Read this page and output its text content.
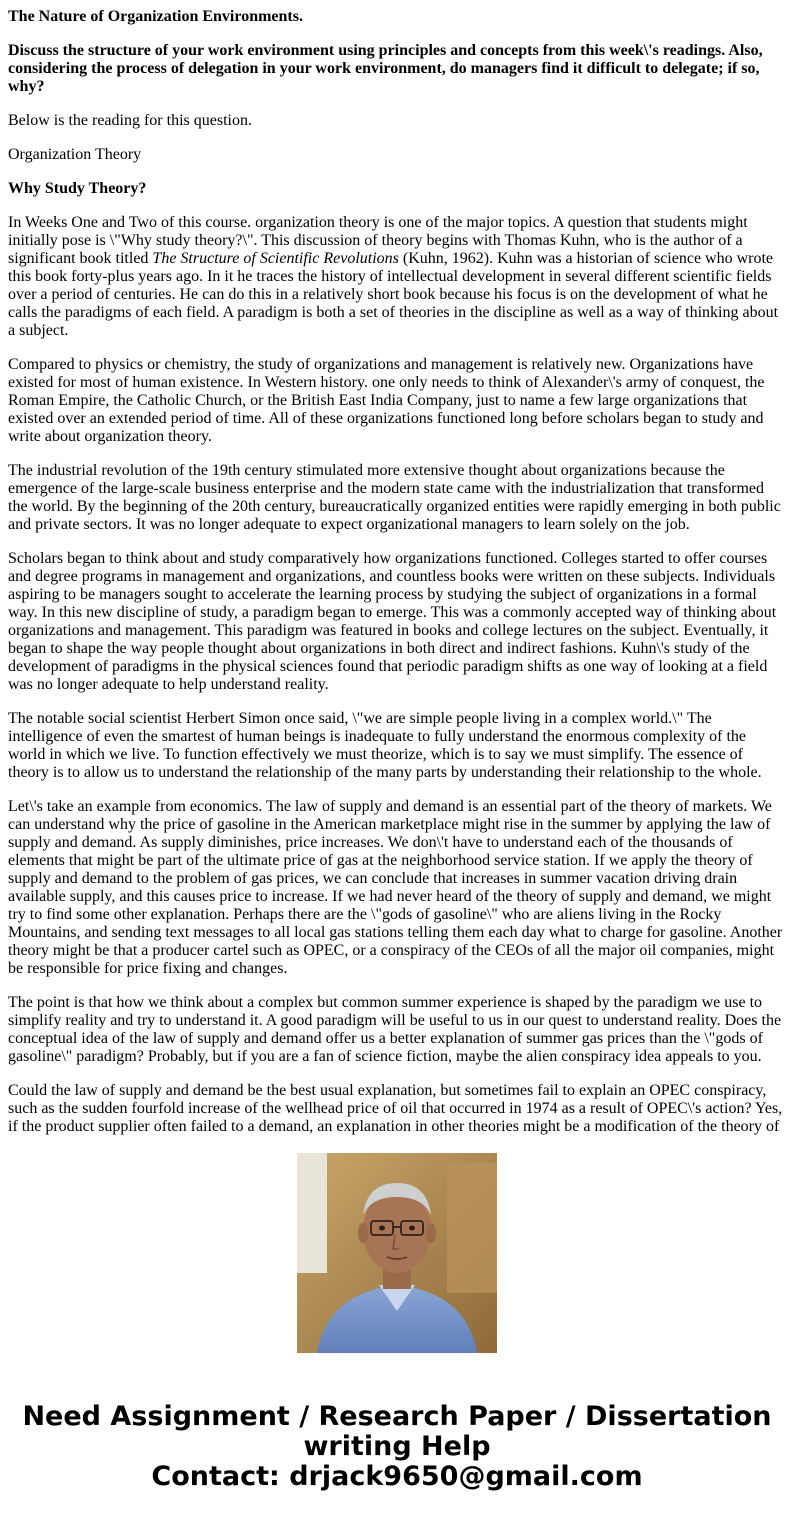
The Nature of Organization Environments.

Discuss the structure of your work environment using principles and concepts from this week\'s readings. Also, considering the process of delegation in your work environment, do managers find it difficult to delegate; if so, why?

Below is the reading for this question.

Organization Theory

Why Study Theory?

In Weeks One and Two of this course. organization theory is one of the major topics. A question that students might initially pose is \"Why study theory?\". This discussion of theory begins with Thomas Kuhn, who is the author of a significant book titled The Structure of Scientific Revolutions (Kuhn, 1962). Kuhn was a historian of science who wrote this book forty-plus years ago. In it he traces the history of intellectual development in several different scientific fields over a period of centuries. He can do this in a relatively short book because his focus is on the development of what he calls the paradigms of each field. A paradigm is both a set of theories in the discipline as well as a way of thinking about a subject.

Compared to physics or chemistry, the study of organizations and management is relatively new. Organizations have existed for most of human existence. In Western history. one only needs to think of Alexander\'s army of conquest, the Roman Empire, the Catholic Church, or the British East India Company, just to name a few large organizations that existed over an extended period of time. All of these organizations functioned long before scholars began to study and write about organization theory.

The industrial revolution of the 19th century stimulated more extensive thought about organizations because the emergence of the large-scale business enterprise and the modern state came with the industrialization that transformed the world. By the beginning of the 20th century, bureaucratically organized entities were rapidly emerging in both public and private sectors. It was no longer adequate to expect organizational managers to learn solely on the job.

Scholars began to think about and study comparatively how organizations functioned. Colleges started to offer courses and degree programs in management and organizations, and countless books were written on these subjects. Individuals aspiring to be managers sought to accelerate the learning process by studying the subject of organizations in a formal way. In this new discipline of study, a paradigm began to emerge. This was a commonly accepted way of thinking about organizations and management. This paradigm was featured in books and college lectures on the subject. Eventually, it began to shape the way people thought about organizations in both direct and indirect fashions. Kuhn\'s study of the development of paradigms in the physical sciences found that periodic paradigm shifts as one way of looking at a field was no longer adequate to help understand reality.

The notable social scientist Herbert Simon once said, \"we are simple people living in a complex world.\" The intelligence of even the smartest of human beings is inadequate to fully understand the enormous complexity of the world in which we live. To function effectively we must theorize, which is to say we must simplify. The essence of theory is to allow us to understand the relationship of the many parts by understanding their relationship to the whole.

Let\'s take an example from economics. The law of supply and demand is an essential part of the theory of markets. We can understand why the price of gasoline in the American marketplace might rise in the summer by applying the law of supply and demand. As supply diminishes, price increases. We don\'t have to understand each of the thousands of elements that might be part of the ultimate price of gas at the neighborhood service station. If we apply the theory of supply and demand to the problem of gas prices, we can conclude that increases in summer vacation driving drain available supply, and this causes price to increase. If we had never heard of the theory of supply and demand, we might try to find some other explanation. Perhaps there are the \"gods of gasoline\" who are aliens living in the Rocky Mountains, and sending text messages to all local gas stations telling them each day what to charge for gasoline. Another theory might be that a producer cartel such as OPEC, or a conspiracy of the CEOs of all the major oil companies, might be responsible for price fixing and changes.

The point is that how we think about a complex but common summer experience is shaped by the paradigm we use to simplify reality and try to understand it. A good paradigm will be useful to us in our quest to understand reality. Does the conceptual idea of the law of supply and demand offer us a better explanation of summer gas prices than the \"gods of gasoline\" paradigm? Probably, but if you are a fan of science fiction, maybe the alien conspiracy idea appeals to you.

Could the law of supply and demand be the best usual explanation, but sometimes fail to explain an OPEC conspiracy, such as the sudden fourfold increase of the wellhead price of oil that occurred in 1974 as a result of OPEC\'s action? Yes, if the product supplier often failed to a demand, an explanation in other theories might be a modification of the theory of

Need Assignment / Research Paper / Dissertation
writing Help
Contact: drjack9650@gmail.com
